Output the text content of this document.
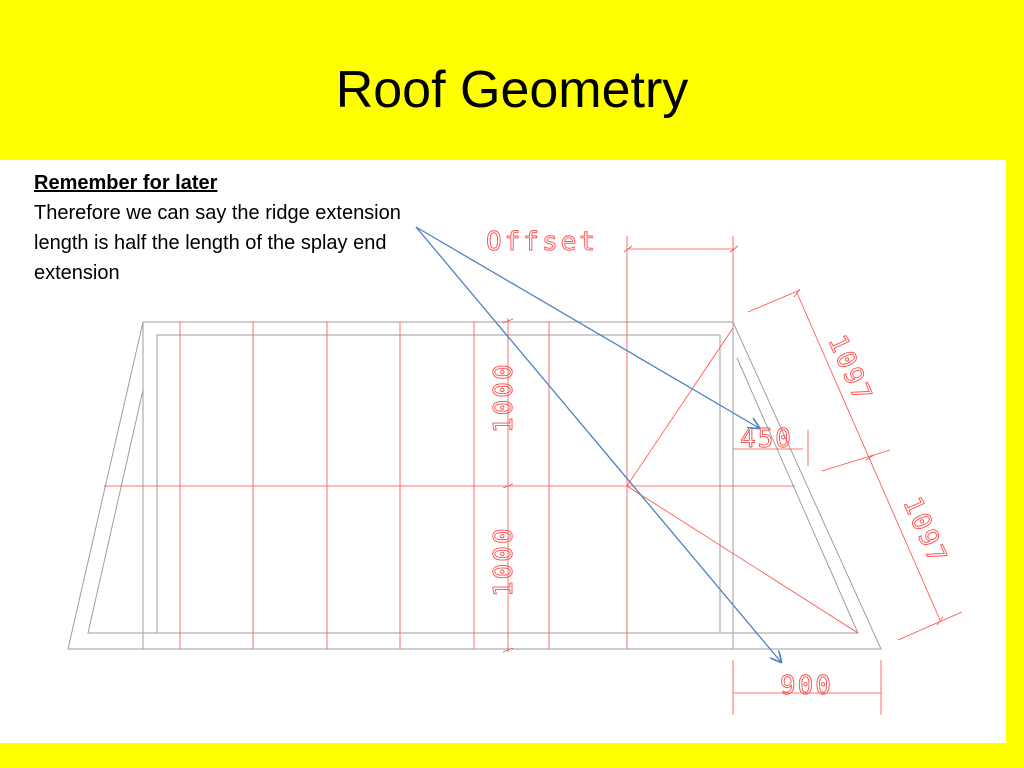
Roof Geometry
Offset
450
900
1000
1000
1097
1097
Remember for later
Therefore we can say the ridge extension length is half the length of the splay end extension
